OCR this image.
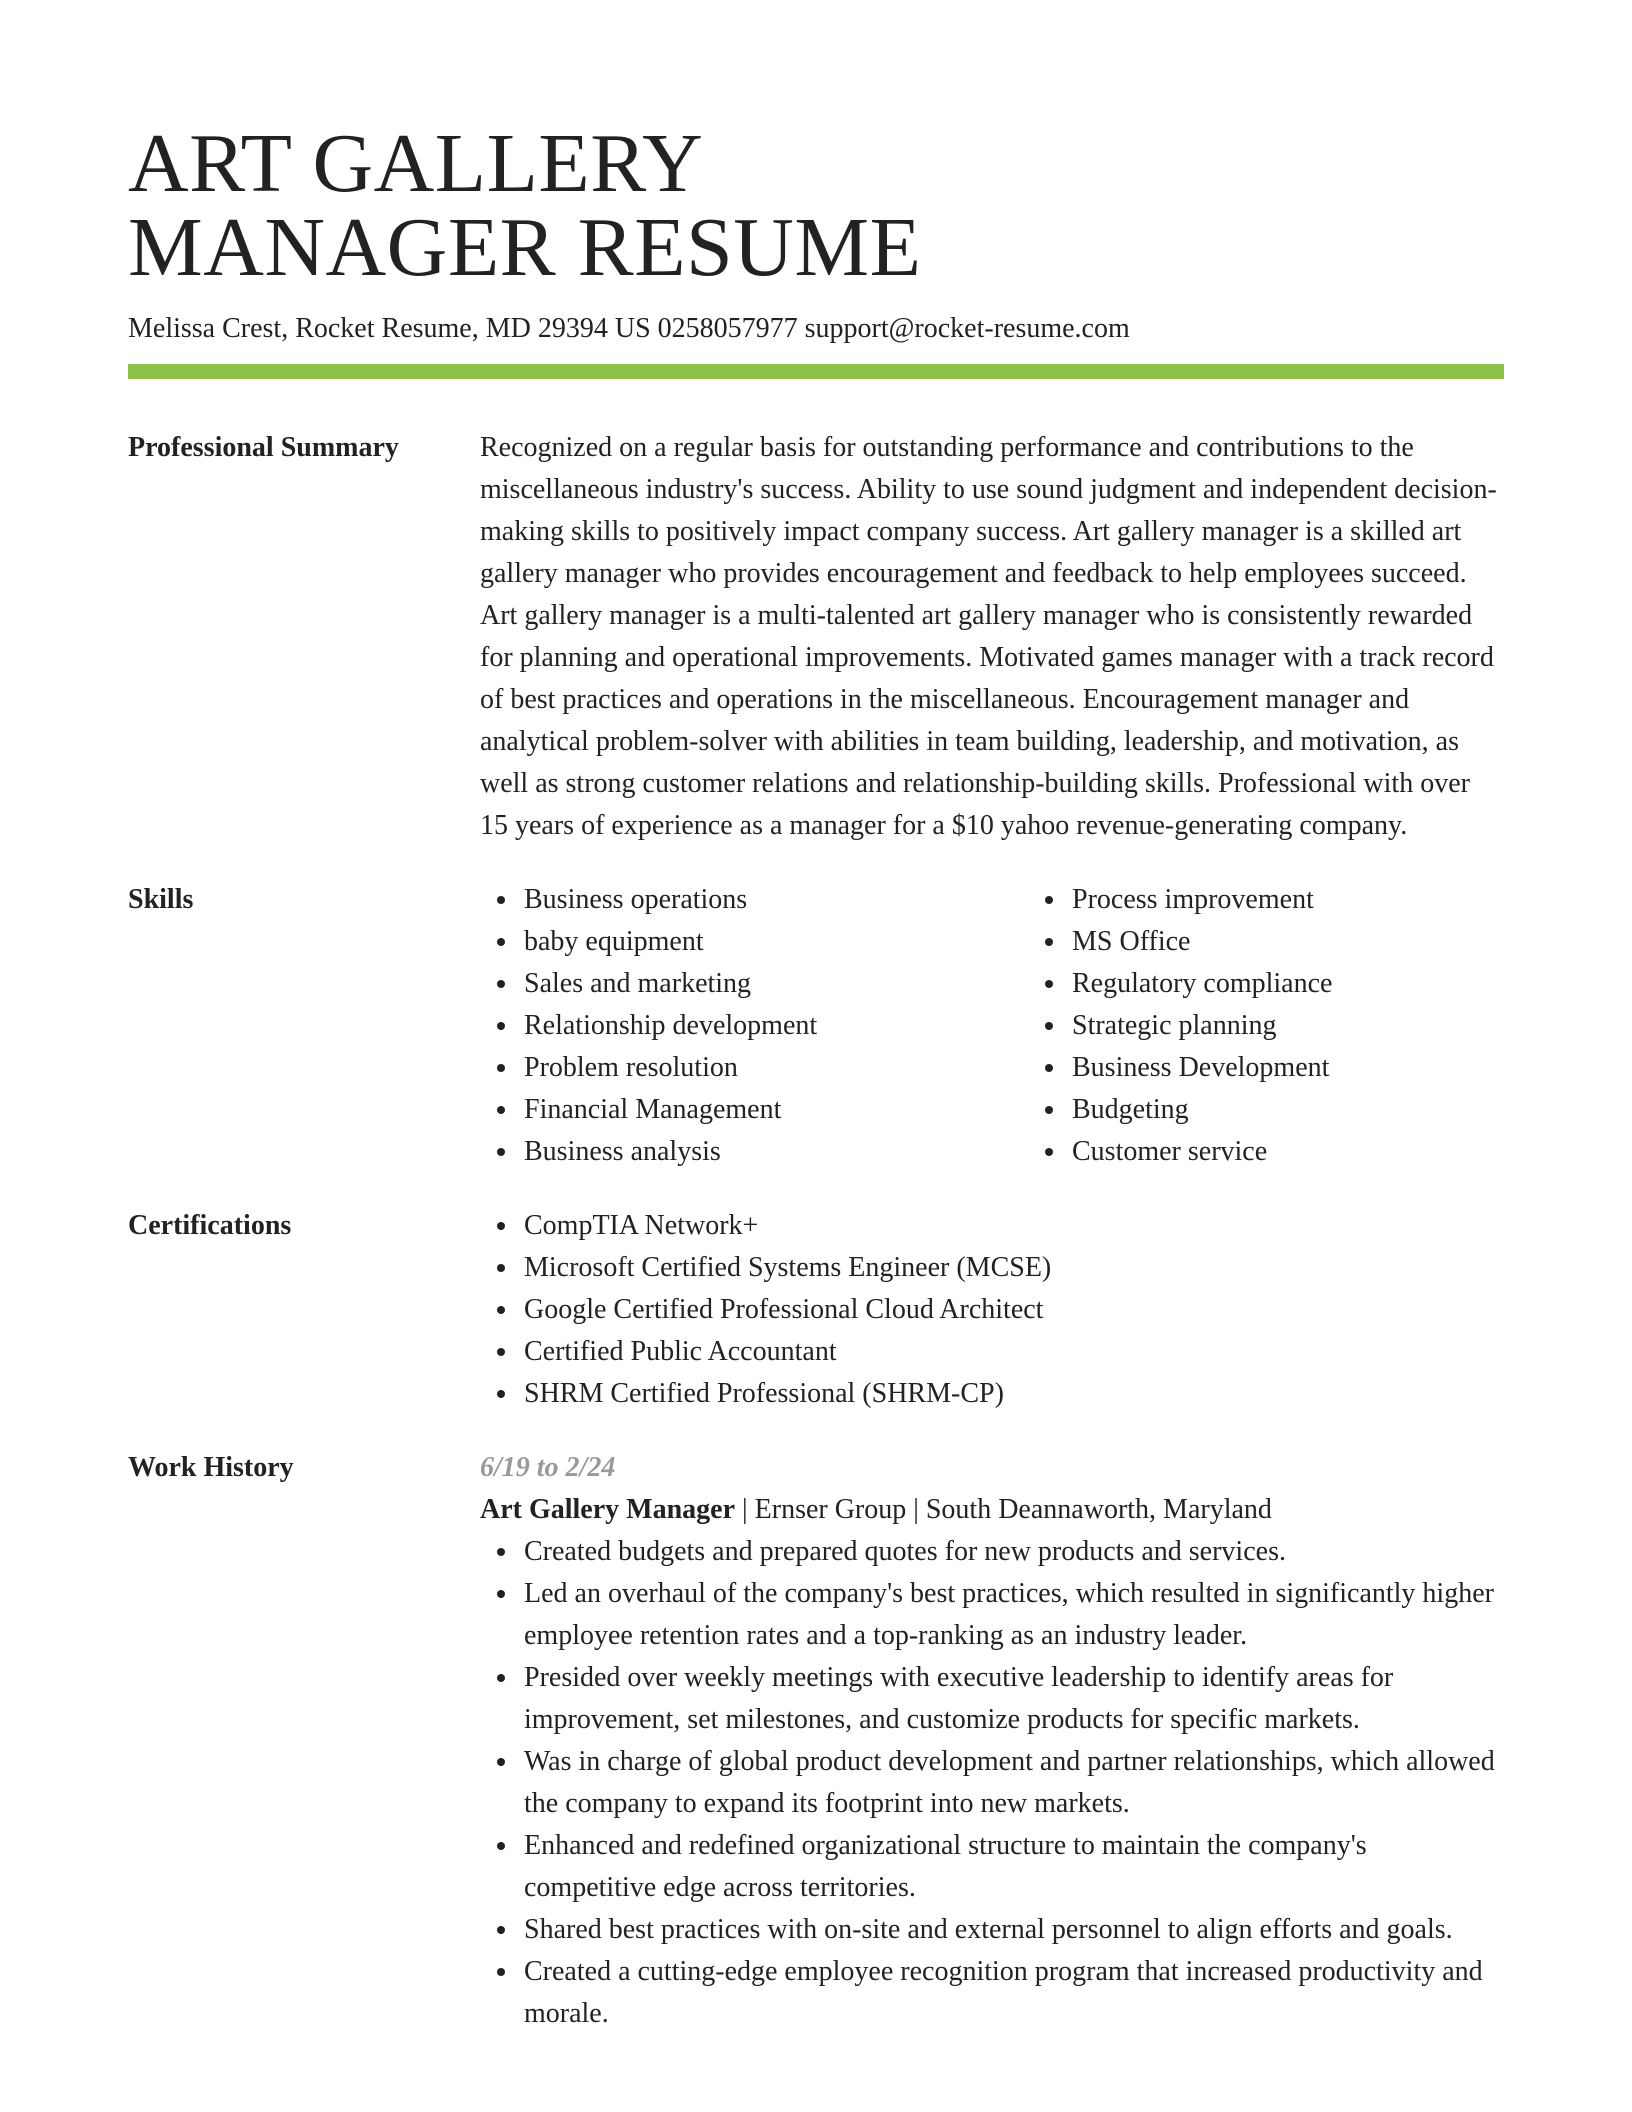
ART GALLERY
MANAGER RESUME
Melissa Crest, Rocket Resume, MD 29394 US 0258057977 support@rocket-resume.com
Professional Summary	Recognized on a regular basis for outstanding performance and contributions to the miscellaneous industry's success. Ability to use sound judgment and independent decision-making skills to positively impact company success. Art gallery manager is a skilled art gallery manager who provides encouragement and feedback to help employees succeed. Art gallery manager is a multi-talented art gallery manager who is consistently rewarded for planning and operational improvements. Motivated games manager with a track record of best practices and operations in the miscellaneous. Encouragement manager and analytical problem-solver with abilities in team building, leadership, and motivation, as well as strong customer relations and relationship-building skills. Professional with over 15 years of experience as a manager for a $10 yahoo revenue-generating company.

Skills	Business operations
baby equipment
Sales and marketing
Relationship development
Problem resolution
Financial Management
Business analysis
Process improvement
MS Office
Regulatory compliance
Strategic planning
Business Development
Budgeting
Customer service
Certifications	CompTIA Network+
Microsoft Certified Systems Engineer (MCSE)
Google Certified Professional Cloud Architect
Certified Public Accountant
SHRM Certified Professional (SHRM-CP)
Work History	6/19 to 2/24

Art Gallery Manager | Ernser Group | South Deannaworth, Maryland

Created budgets and prepared quotes for new products and services.
Led an overhaul of the company's best practices, which resulted in significantly higher employee retention rates and a top-ranking as an industry leader.
Presided over weekly meetings with executive leadership to identify areas for improvement, set milestones, and customize products for specific markets.
Was in charge of global product development and partner relationships, which allowed the company to expand its footprint into new markets.
Enhanced and redefined organizational structure to maintain the company's competitive edge across territories.
Shared best practices with on-site and external personnel to align efforts and goals.
Created a cutting-edge employee recognition program that increased productivity and morale.
